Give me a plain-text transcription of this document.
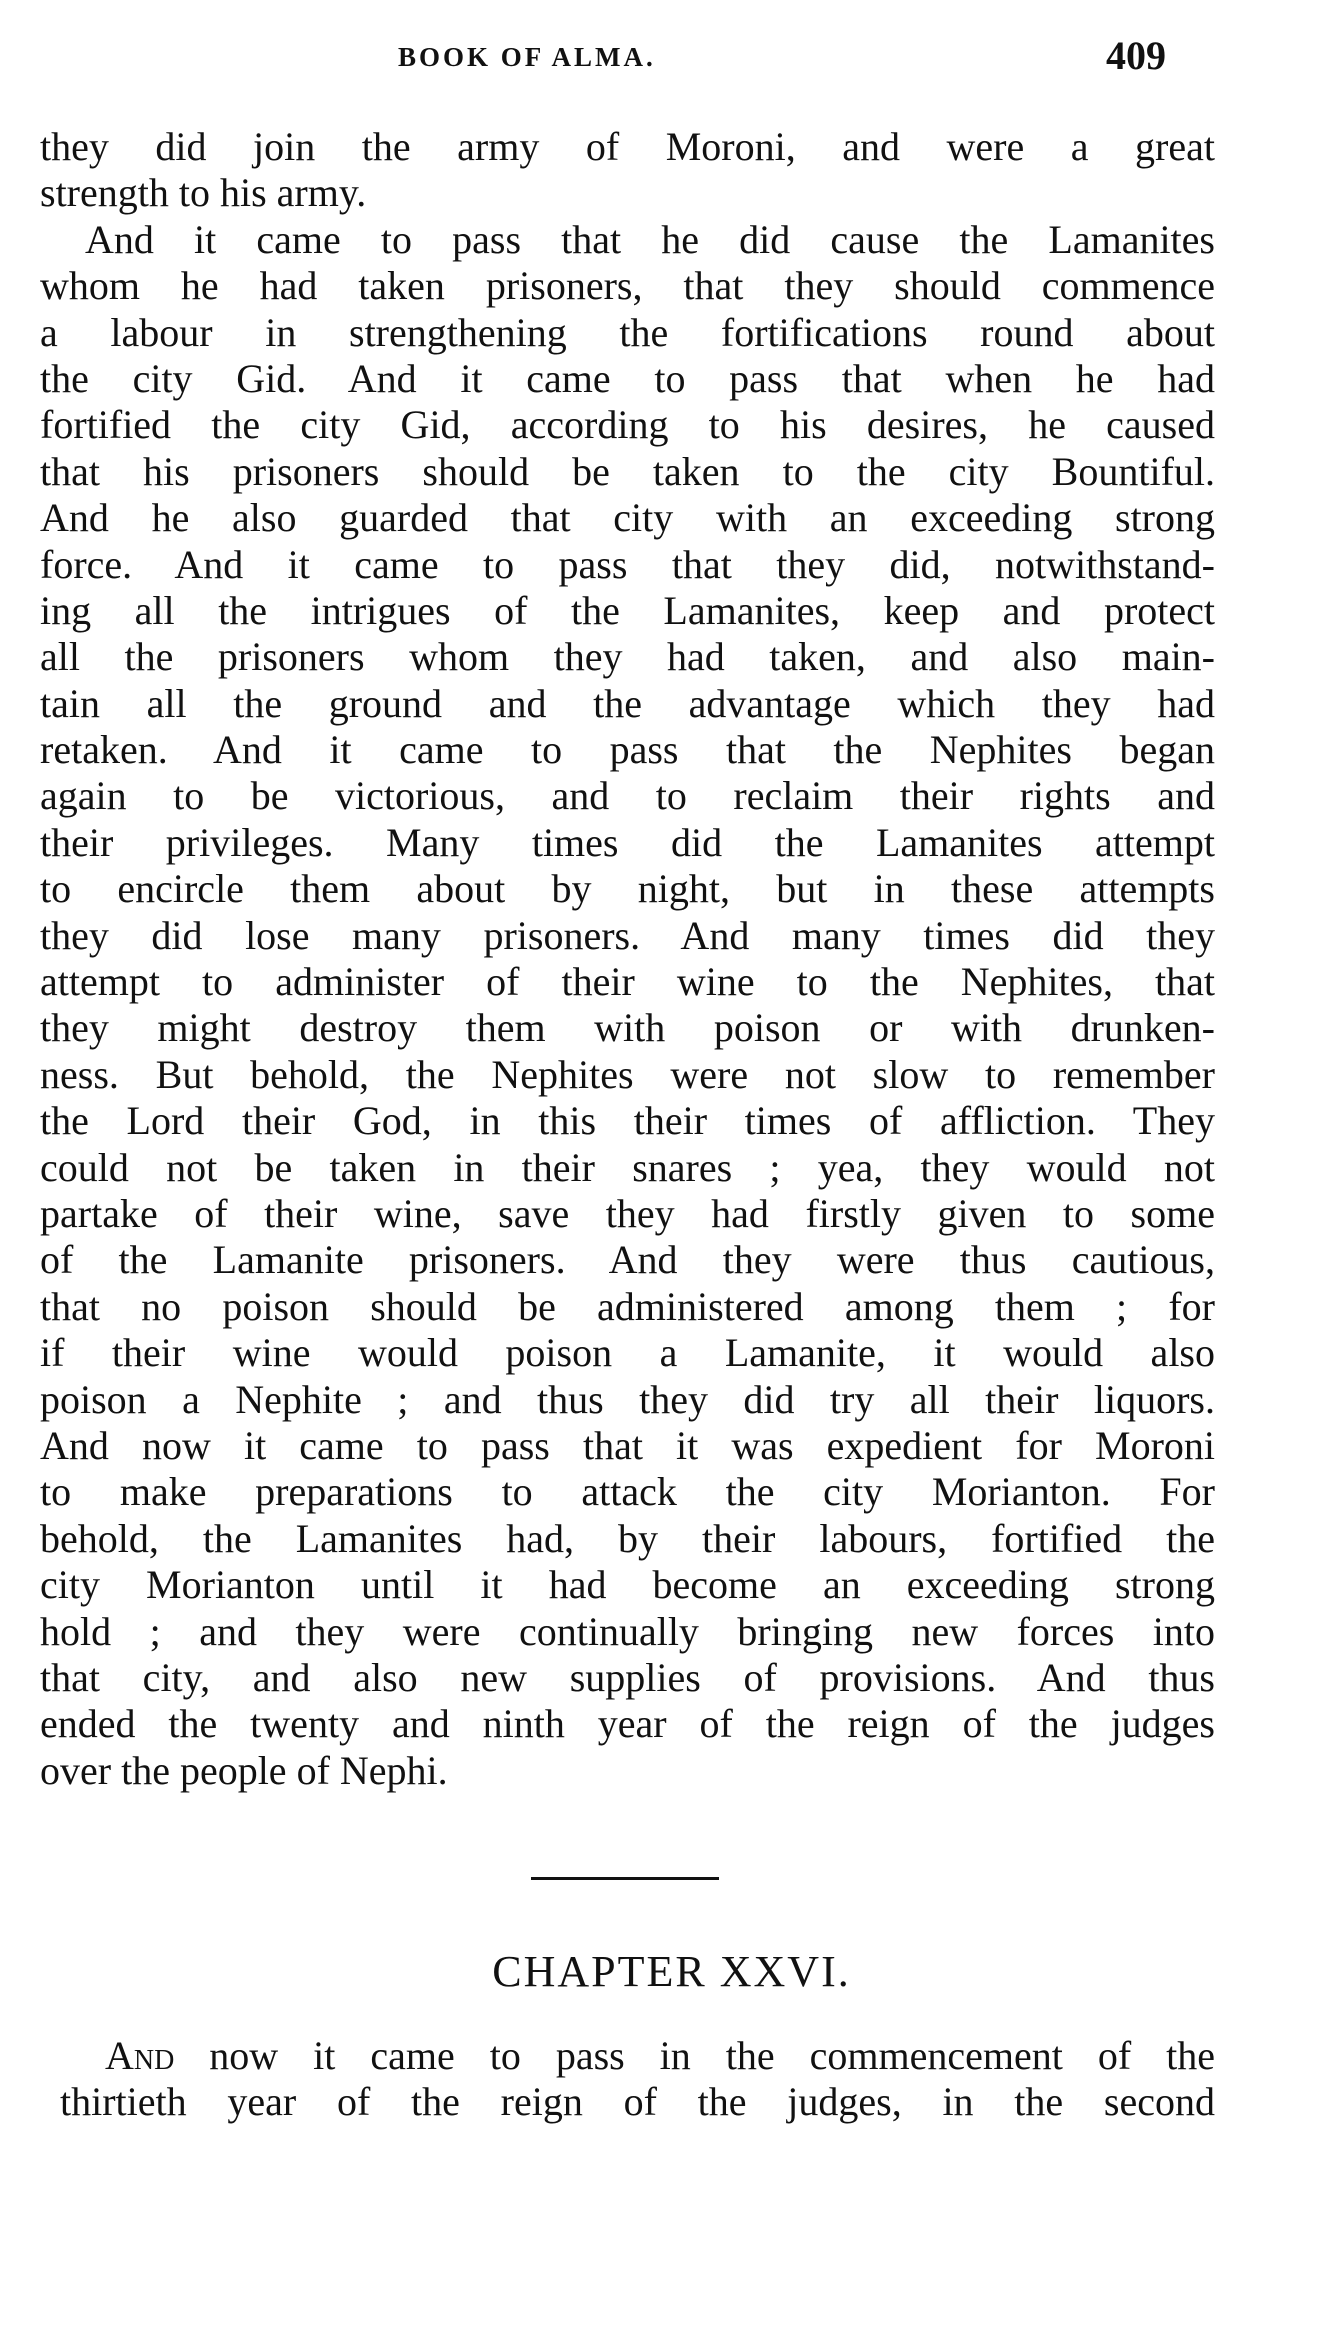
BOOK OF ALMA.	409
they did join the army of Moroni, and were a great
strength to his army.
And it came to pass that he did cause the Lamanites
whom he had taken prisoners, that they should commence
a labour in strengthening the fortifications round about
the city Gid. And it came to pass that when he had
fortified the city Gid, according to his desires, he caused
that his prisoners should be taken to the city Bountiful.
And he also guarded that city with an exceeding strong
force. And it came to pass that they did, notwithstand-
ing all the intrigues of the Lamanites, keep and protect
all the prisoners whom they had taken, and also main-
tain all the ground and the advantage which they had
retaken. And it came to pass that the Nephites began
again to be victorious, and to reclaim their rights and
their privileges. Many times did the Lamanites attempt
to encircle them about by night, but in these attempts
they did lose many prisoners. And many times did they
attempt to administer of their wine to the Nephites, that
they might destroy them with poison or with drunken-
ness. But behold, the Nephites were not slow to remember
the Lord their God, in this their times of affliction. They
could not be taken in their snares ; yea, they would not
partake of their wine, save they had firstly given to some
of the Lamanite prisoners. And they were thus cautious,
that no poison should be administered among them ; for
if their wine would poison a Lamanite, it would also
poison a Nephite ; and thus they did try all their liquors.
And now it came to pass that it was expedient for Moroni
to make preparations to attack the city Morianton. For
behold, the Lamanites had, by their labours, fortified the
city Morianton until it had become an exceeding strong
hold ; and they were continually bringing new forces into
that city, and also new supplies of provisions. And thus
ended the twenty and ninth year of the reign of the judges
over the people of Nephi.
CHAPTER XXVI.
And now it came to pass in the commencement of the
thirtieth year of the reign of the judges, in the second
